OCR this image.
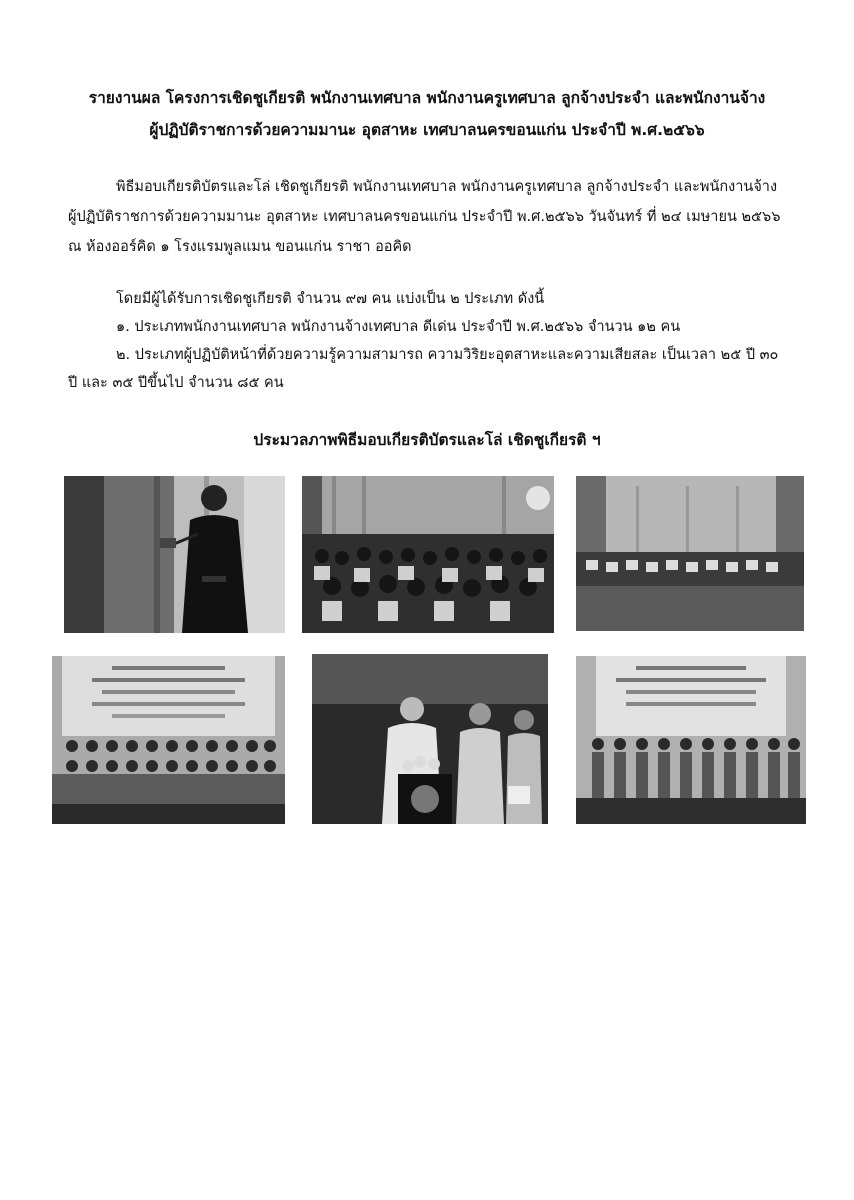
รายงานผล โครงการเชิดชูเกียรติ พนักงานเทศบาล พนักงานครูเทศบาล ลูกจ้างประจำ และพนักงานจ้าง
ผู้ปฏิบัติราชการด้วยความมานะ อุตสาหะ เทศบาลนครขอนแก่น ประจำปี พ.ศ.๒๕๖๖
พิธีมอบเกียรติบัตรและโล่ เชิดชูเกียรติ พนักงานเทศบาล พนักงานครูเทศบาล ลูกจ้างประจำ และพนักงานจ้าง
ผู้ปฏิบัติราชการด้วยความมานะ อุตสาหะ เทศบาลนครขอนแก่น ประจำปี พ.ศ.๒๕๖๖ วันจันทร์ ที่ ๒๔ เมษายน ๒๕๖๖
ณ ห้องออร์คิด ๑ โรงแรมพูลแมน ขอนแก่น ราชา ออคิด
โดยมีผู้ได้รับการเชิดชูเกียรติ จำนวน ๙๗ คน แบ่งเป็น ๒ ประเภท ดังนี้
๑. ประเภทพนักงานเทศบาล พนักงานจ้างเทศบาล ดีเด่น ประจำปี พ.ศ.๒๕๖๖ จำนวน ๑๒ คน
๒. ประเภทผู้ปฏิบัติหน้าที่ด้วยความรู้ความสามารถ ความวิริยะอุตสาหะและความเสียสละ เป็นเวลา ๒๕ ปี ๓๐
ปี และ ๓๕ ปีขึ้นไป จำนวน ๘๕ คน
ประมวลภาพพิธีมอบเกียรติบัตรและโล่ เชิดชูเกียรติ ฯ
